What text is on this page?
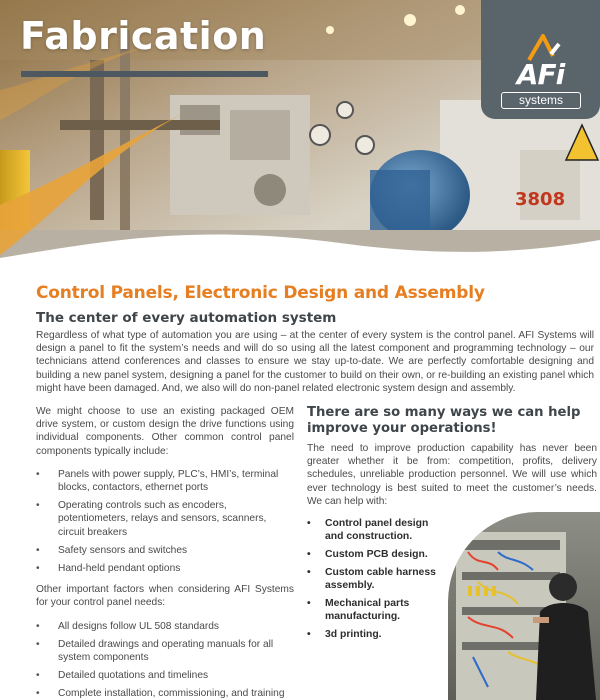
3808
Fabrication
AFi
systems
Control Panels, Electronic Design and Assembly
The center of every automation system

Regardless of what type of automation you are using – at the center of every system is the control panel. AFI Systems will design a panel to fit the system’s needs and will do so using all the latest component and programming technology – our technicians attend conferences and classes to ensure we stay up-to-date. We are perfectly comfortable designing and building a new panel system, designing a panel for the customer to build on their own, or re-building an existing panel which might have been damaged. And, we also will do non-panel related electronic system design and assembly.

We might choose to use an existing packaged OEM drive system, or custom design the drive functions using individual components. Other common control panel components typically include:

• Panels with power supply, PLC’s, HMI’s, terminal blocks, contactors, ethernet ports
• Operating controls such as encoders, potentiometers, relays and sensors, scanners, circuit breakers
• Safety sensors and switches
• Hand-held pendant options

Other important factors when considering AFI Systems for your control panel needs:

• All designs follow UL 508 standards
• Detailed drawings and operating manuals for all system components
• Detailed quotations and timelines
• Complete installation, commissioning, and training
There are so many ways we can help improve your operations!

The need to improve production capability has never been greater whether it be from: competition, profits, delivery schedules, unreliable production personnel. We will use which ever technology is best suited to meet the customer’s needs. We can help with:

• Control panel design and construction.
• Custom PCB design.
• Custom cable harness assembly.
• Mechanical parts manufacturing.
• 3d printing.
